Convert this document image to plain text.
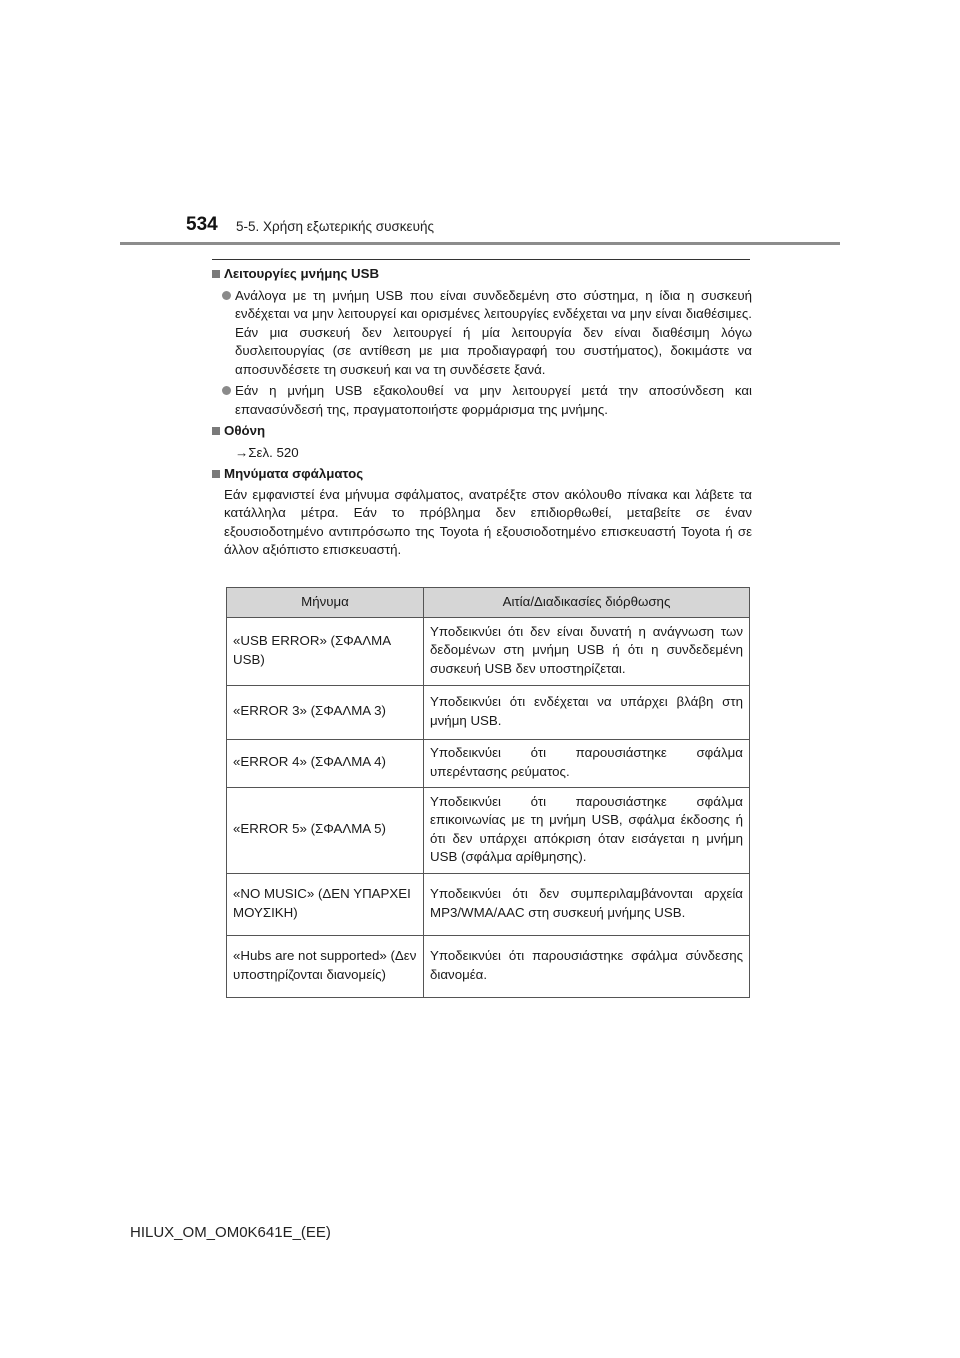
534 5-5. Χρήση εξωτερικής συσκευής
Λειτουργίες μνήμης USB
Ανάλογα με τη μνήμη USB που είναι συνδεδεμένη στο σύστημα, η ίδια η συσκευή ενδέχεται να μην λειτουργεί και ορισμένες λειτουργίες ενδέχεται να μην είναι διαθέσιμες. Εάν μια συσκευή δεν λειτουργεί ή μία λειτουργία δεν είναι διαθέσιμη λόγω δυσλειτουργίας (σε αντίθεση με μια προδιαγραφή του συστήματος), δοκιμάστε να αποσυνδέσετε τη συσκευή και να τη συνδέσετε ξανά.
Εάν η μνήμη USB εξακολουθεί να μην λειτουργεί μετά την αποσύνδεση και επανασύνδεσή της, πραγματοποιήστε φορμάρισμα της μνήμης.
Οθόνη
→Σελ. 520
Μηνύματα σφάλματος
Εάν εμφανιστεί ένα μήνυμα σφάλματος, ανατρέξτε στον ακόλουθο πίνακα και λάβετε τα κατάλληλα μέτρα. Εάν το πρόβλημα δεν επιδιορθωθεί, μεταβείτε σε έναν εξουσιοδοτημένο αντιπρόσωπο της Toyota ή εξουσιοδοτημένο επισκευαστή Toyota ή σε άλλον αξιόπιστο επισκευαστή.
Μήνυμα	Αιτία/Διαδικασίες διόρθωσης
«USB ERROR» (ΣΦΑΛΜΑ USB)	Υποδεικνύει ότι δεν είναι δυνατή η ανάγνωση των δεδομένων στη μνήμη USB ή ότι η συνδεδεμένη συσκευή USB δεν υποστηρίζεται.
«ERROR 3» (ΣΦΑΛΜΑ 3)	Υποδεικνύει ότι ενδέχεται να υπάρχει βλάβη στη μνήμη USB.
«ERROR 4» (ΣΦΑΛΜΑ 4)	Υποδεικνύει ότι παρουσιάστηκε σφάλμα υπερέντασης ρεύματος.
«ERROR 5» (ΣΦΑΛΜΑ 5)	Υποδεικνύει ότι παρουσιάστηκε σφάλμα επικοινωνίας με τη μνήμη USB, σφάλμα έκδοσης ή ότι δεν υπάρχει απόκριση όταν εισάγεται η μνήμη USB (σφάλμα αρίθμησης).
«NO MUSIC» (ΔΕΝ ΥΠΑΡΧΕΙ ΜΟΥΣΙΚΗ)	Υποδεικνύει ότι δεν συμπεριλαμβάνονται αρχεία MP3/WMA/AAC στη συσκευή μνήμης USB.
«Hubs are not supported» (Δεν υποστηρίζονται διανομείς)	Υποδεικνύει ότι παρουσιάστηκε σφάλμα σύνδεσης διανομέα.
HILUX_OM_OM0K641E_(EE)
